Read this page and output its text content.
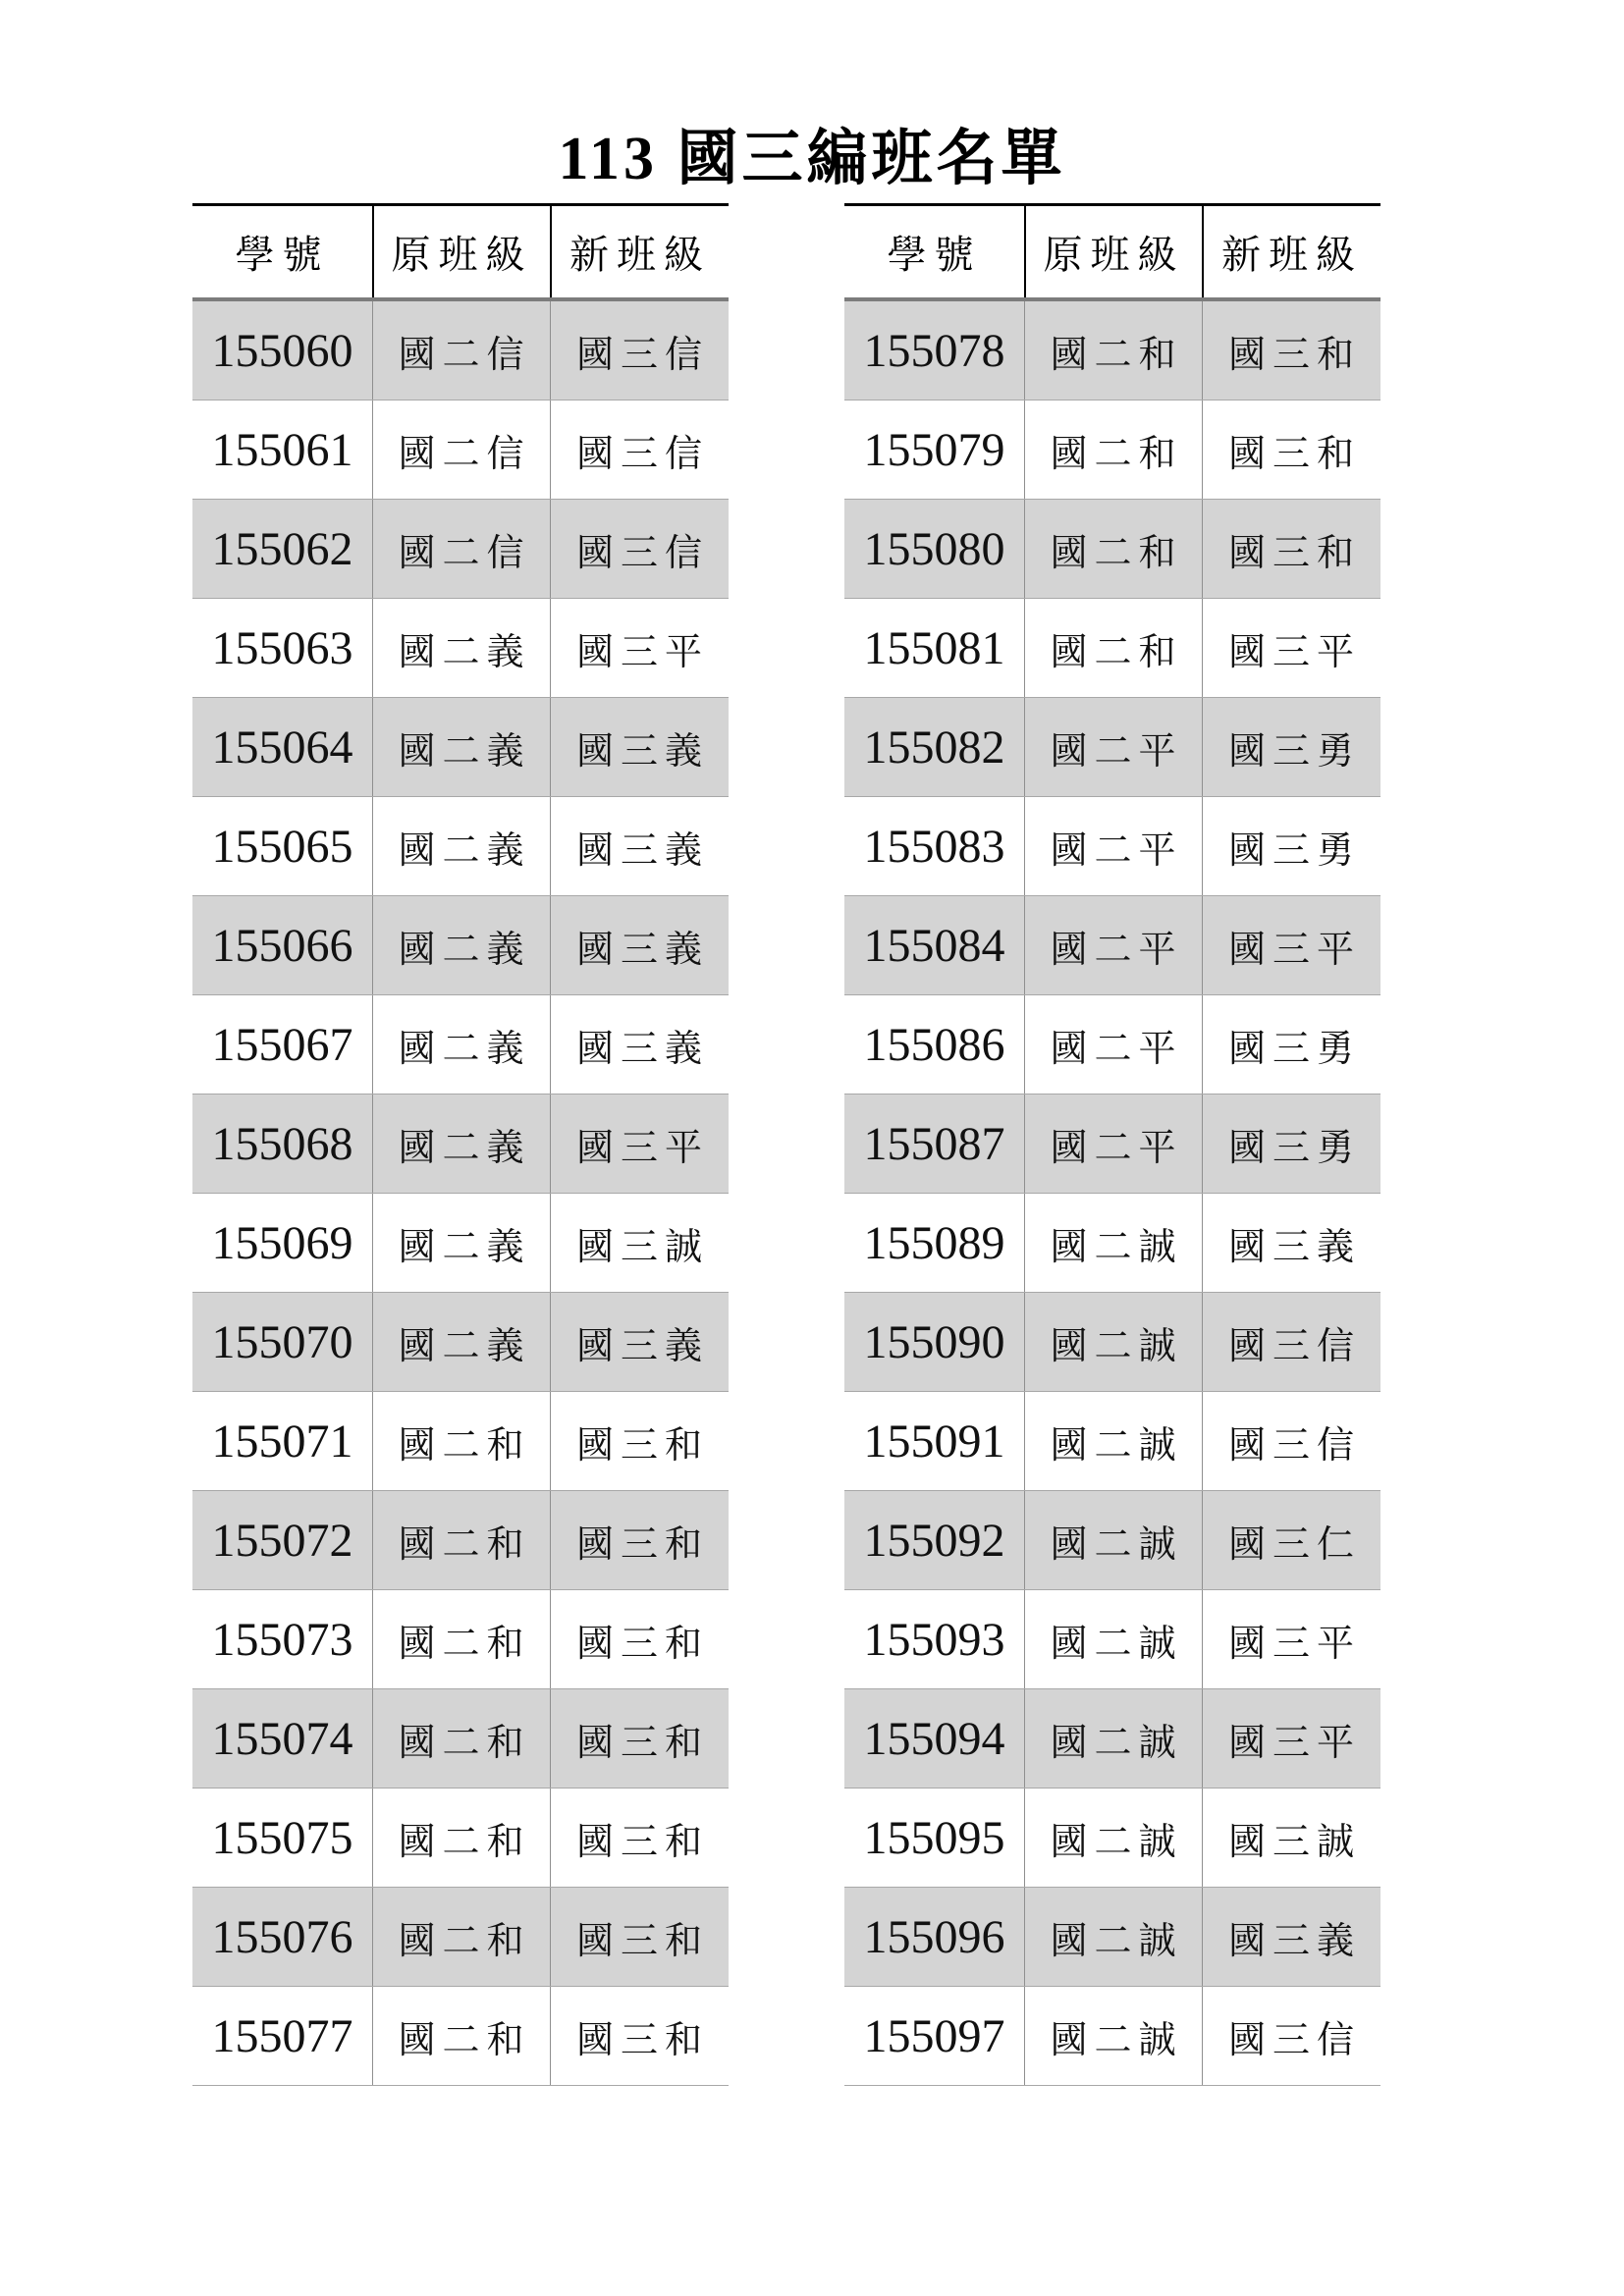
113 國三編班名單
學號	原班級 新班級
155060	國二信	國三信
155061	國二信	國三信
155062	國二信	國三信
155063	國二義	國三平
155064	國二義	國三義
155065	國二義	國三義
155066	國二義	國三義
155067	國二義	國三義
155068	國二義	國三平
155069	國二義	國三誠
155070	國二義	國三義
155071	國二和	國三和
155072	國二和	國三和
155073	國二和	國三和
155074	國二和	國三和
155075	國二和	國三和
155076	國二和	國三和
155077	國二和	國三和
學號	原班級 新班級
155078	國二和	國三和
155079	國二和	國三和
155080	國二和	國三和
155081	國二和	國三平
155082	國二平	國三勇
155083	國二平	國三勇
155084	國二平	國三平
155086	國二平	國三勇
155087	國二平	國三勇
155089	國二誠	國三義
155090	國二誠	國三信
155091	國二誠	國三信
155092	國二誠	國三仁
155093	國二誠	國三平
155094	國二誠	國三平
155095	國二誠	國三誠
155096	國二誠	國三義
155097	國二誠	國三信
